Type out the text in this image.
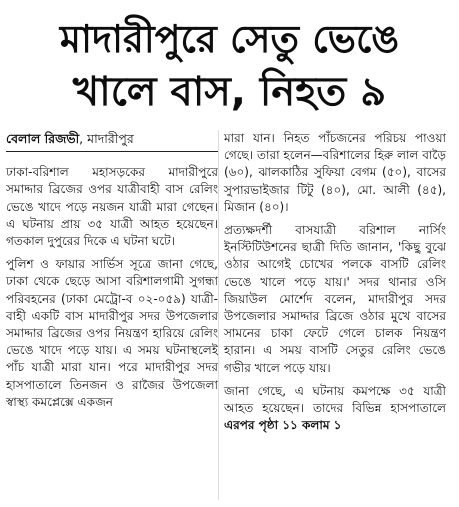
মাদারীপুরে সেতু ভেঙে
খালে বাস, নিহত ৯
বেলাল রিজভী, মাদারীপুর

ঢাকা-বরিশাল মহাসড়কের মাদারীপুরে সমাদ্দার ব্রিজের ওপর যাত্রীবাহী বাস রেলিং ভেঙে খাদে পড়ে নয়জন যাত্রী মারা গেছেন। এ ঘটনায় প্রায় ৩৫ যাত্রী আহত হয়েছেন। গতকাল দুপুরের দিকে এ ঘটনা ঘটে।

পুলিশ ও ফায়ার সার্ভিস সূত্রে জানা গেছে, ঢাকা থেকে ছেড়ে আসা বরিশালগামী সুগন্ধা পরিবহনের (ঢাকা মেট্রো-ব ০২-০৫৯) যাত্রী-বাহী একটি বাস মাদারীপুর সদর উপজেলার সমাদ্দার ব্রিজের ওপর নিয়ন্ত্রণ হারিয়ে রেলিং ভেঙে খাদে পড়ে যায়। এ সময় ঘটনাস্থলেই পাঁচ যাত্রী মারা যান। পরে মাদারীপুর সদর হাসপাতালে তিনজন ও রাজৈর উপজেলা স্বাস্থ্য কমপ্লেক্সে একজন

মারা যান। নিহত পাঁচজনের পরিচয় পাওয়া গেছে। তারা হলেন—বরিশালের হিরু লাল বাড়ৈ (৬০), ঝালকাঠির সুফিয়া বেগম (৫০), বাসের সুপারভাইজার টিটু (৪০), মো. আলী (৪৫), মিজান (৪০)।

প্রত্যক্ষদর্শী বাসযাত্রী বরিশাল নার্সিং ইনস্টিটিউশনের ছাত্রী দিতি জানান, 'কিছু বুঝে ওঠার আগেই চোখের পলকে বাসটি রেলিং ভেঙে খালে পড়ে যায়।' সদর থানার ওসি জিয়াউল মোর্শেদ বলেন, মাদারীপুর সদর উপজেলার সমাদ্দার ব্রিজে ওঠার মুখে বাসের সামনের চাকা ফেটে গেলে চালক নিয়ন্ত্রণ হারান। এ সময় বাসটি সেতুর রেলিং ভেঙে গভীর খালে পড়ে যায়।

জানা গেছে, এ ঘটনায় কমপক্ষে ৩৫ যাত্রী আহত হয়েছেন। তাদের বিভিন্ন হাসপাতালে এরপর পৃষ্ঠা ১১ কলাম ১
